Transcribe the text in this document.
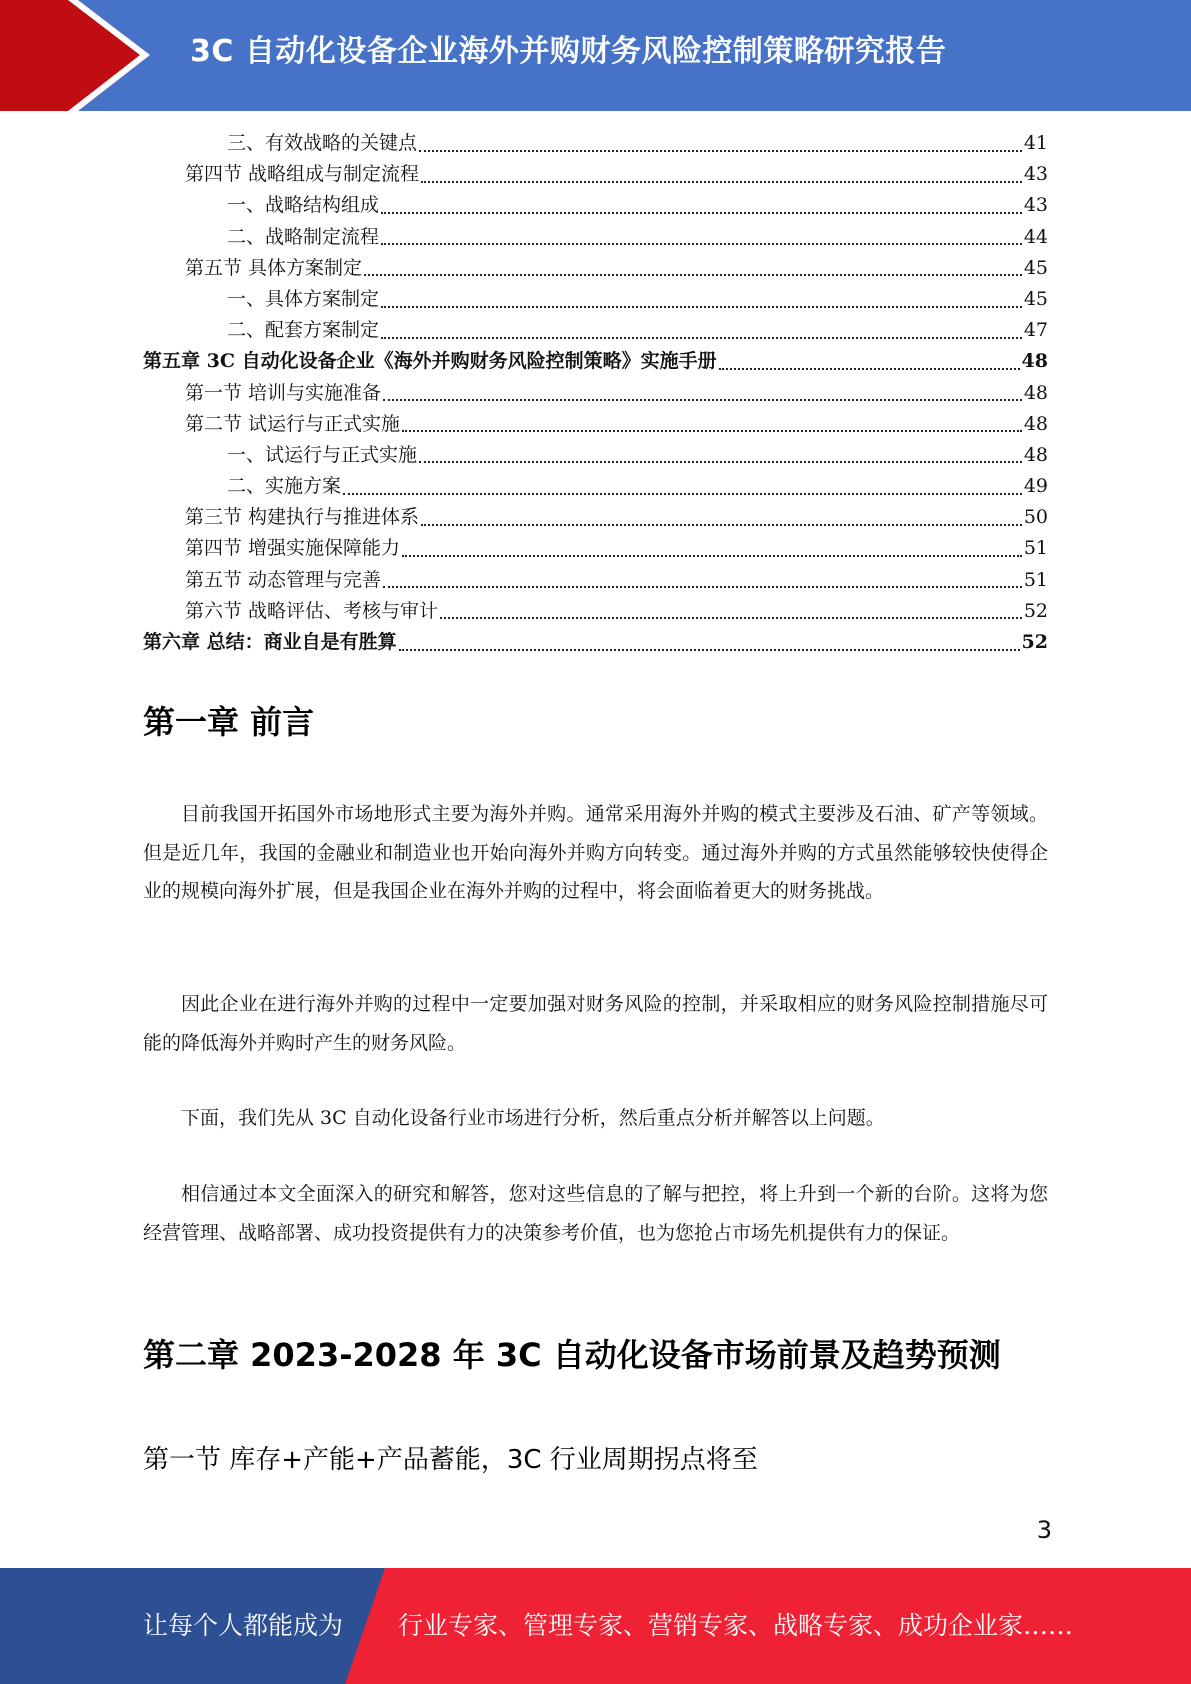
3C 自动化设备企业海外并购财务风险控制策略研究报告
三、有效战略的关键点	41
第四节 战略组成与制定流程	43
一、战略结构组成	43
二、战略制定流程	44
第五节 具体方案制定	45
一、具体方案制定	45
二、配套方案制定	47
第五章 3C 自动化设备企业《海外并购财务风险控制策略》实施手册	48
第一节 培训与实施准备	48
第二节 试运行与正式实施	48
一、试运行与正式实施	48
二、实施方案	49
第三节 构建执行与推进体系	50
第四节 增强实施保障能力	51
第五节 动态管理与完善	51
第六节 战略评估、考核与审计	52
第六章 总结：商业自是有胜算	52
第一章 前言
目前我国开拓国外市场地形式主要为海外并购。通常采用海外并购的模式主要涉及石油、矿产等领域。但是近几年，我国的金融业和制造业也开始向海外并购方向转变。通过海外并购的方式虽然能够较快使得企业的规模向海外扩展，但是我国企业在海外并购的过程中，将会面临着更大的财务挑战。
因此企业在进行海外并购的过程中一定要加强对财务风险的控制，并采取相应的财务风险控制措施尽可能的降低海外并购时产生的财务风险。
下面，我们先从 3C 自动化设备行业市场进行分析，然后重点分析并解答以上问题。
相信通过本文全面深入的研究和解答，您对这些信息的了解与把控，将上升到一个新的台阶。这将为您经营管理、战略部署、成功投资提供有力的决策参考价值，也为您抢占市场先机提供有力的保证。
第二章 2023-2028 年 3C 自动化设备市场前景及趋势预测
第一节 库存+产能+产品蓄能，3C 行业周期拐点将至
3
让每个人都能成为 行业专家、管理专家、营销专家、战略专家、成功企业家……
